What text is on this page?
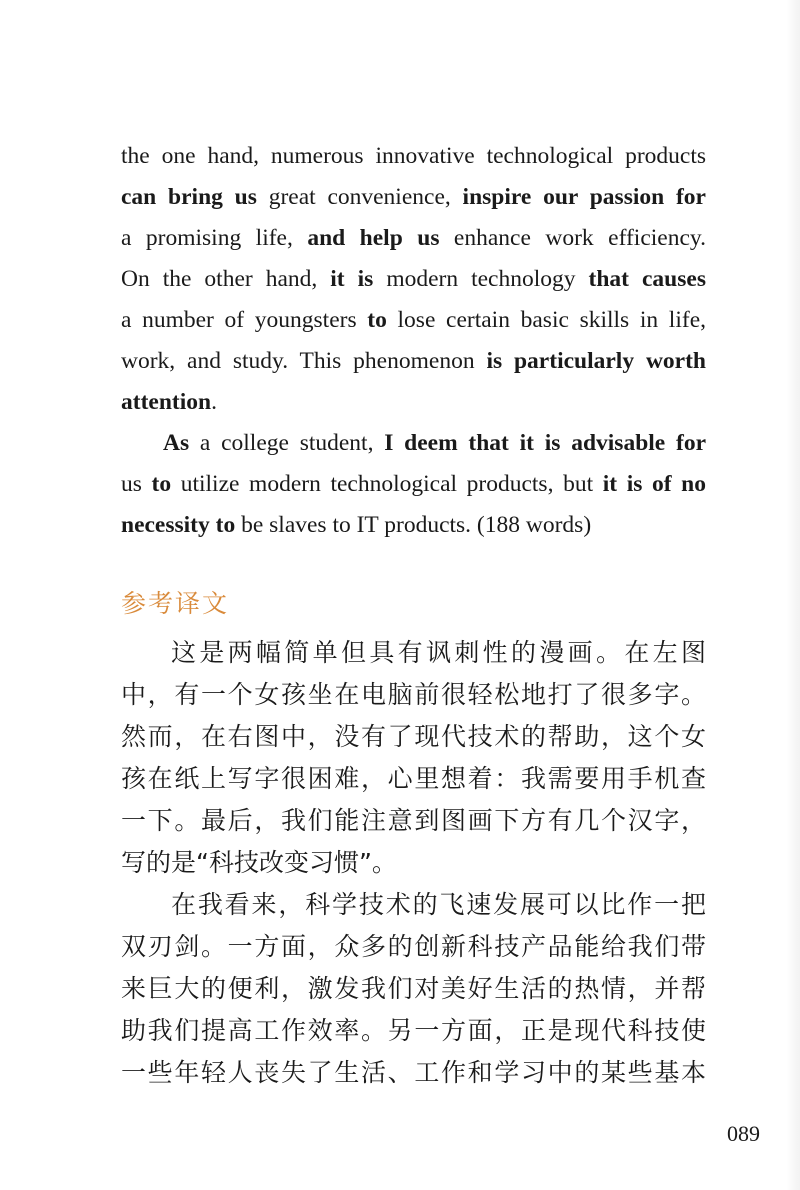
the one hand, numerous innovative technological products
can bring us great convenience, inspire our passion for
a promising life, and help us enhance work efficiency.
On the other hand, it is modern technology that causes
a number of youngsters to lose certain basic skills in life,
work, and study. This phenomenon is particularly worth
attention.
As a college student, I deem that it is advisable for
us to utilize modern technological products, but it is of no
necessity to be slaves to IT products. (188 words)
参考译文
这是两幅简单但具有讽刺性的漫画。在左图
中，有一个女孩坐在电脑前很轻松地打了很多字。
然而，在右图中，没有了现代技术的帮助，这个女
孩在纸上写字很困难，心里想着：我需要用手机查
一下。最后，我们能注意到图画下方有几个汉字，
写的是“科技改变习惯”。
在我看来，科学技术的飞速发展可以比作一把
双刃剑。一方面，众多的创新科技产品能给我们带
来巨大的便利，激发我们对美好生活的热情，并帮
助我们提高工作效率。另一方面，正是现代科技使
一些年轻人丧失了生活、工作和学习中的某些基本
089
